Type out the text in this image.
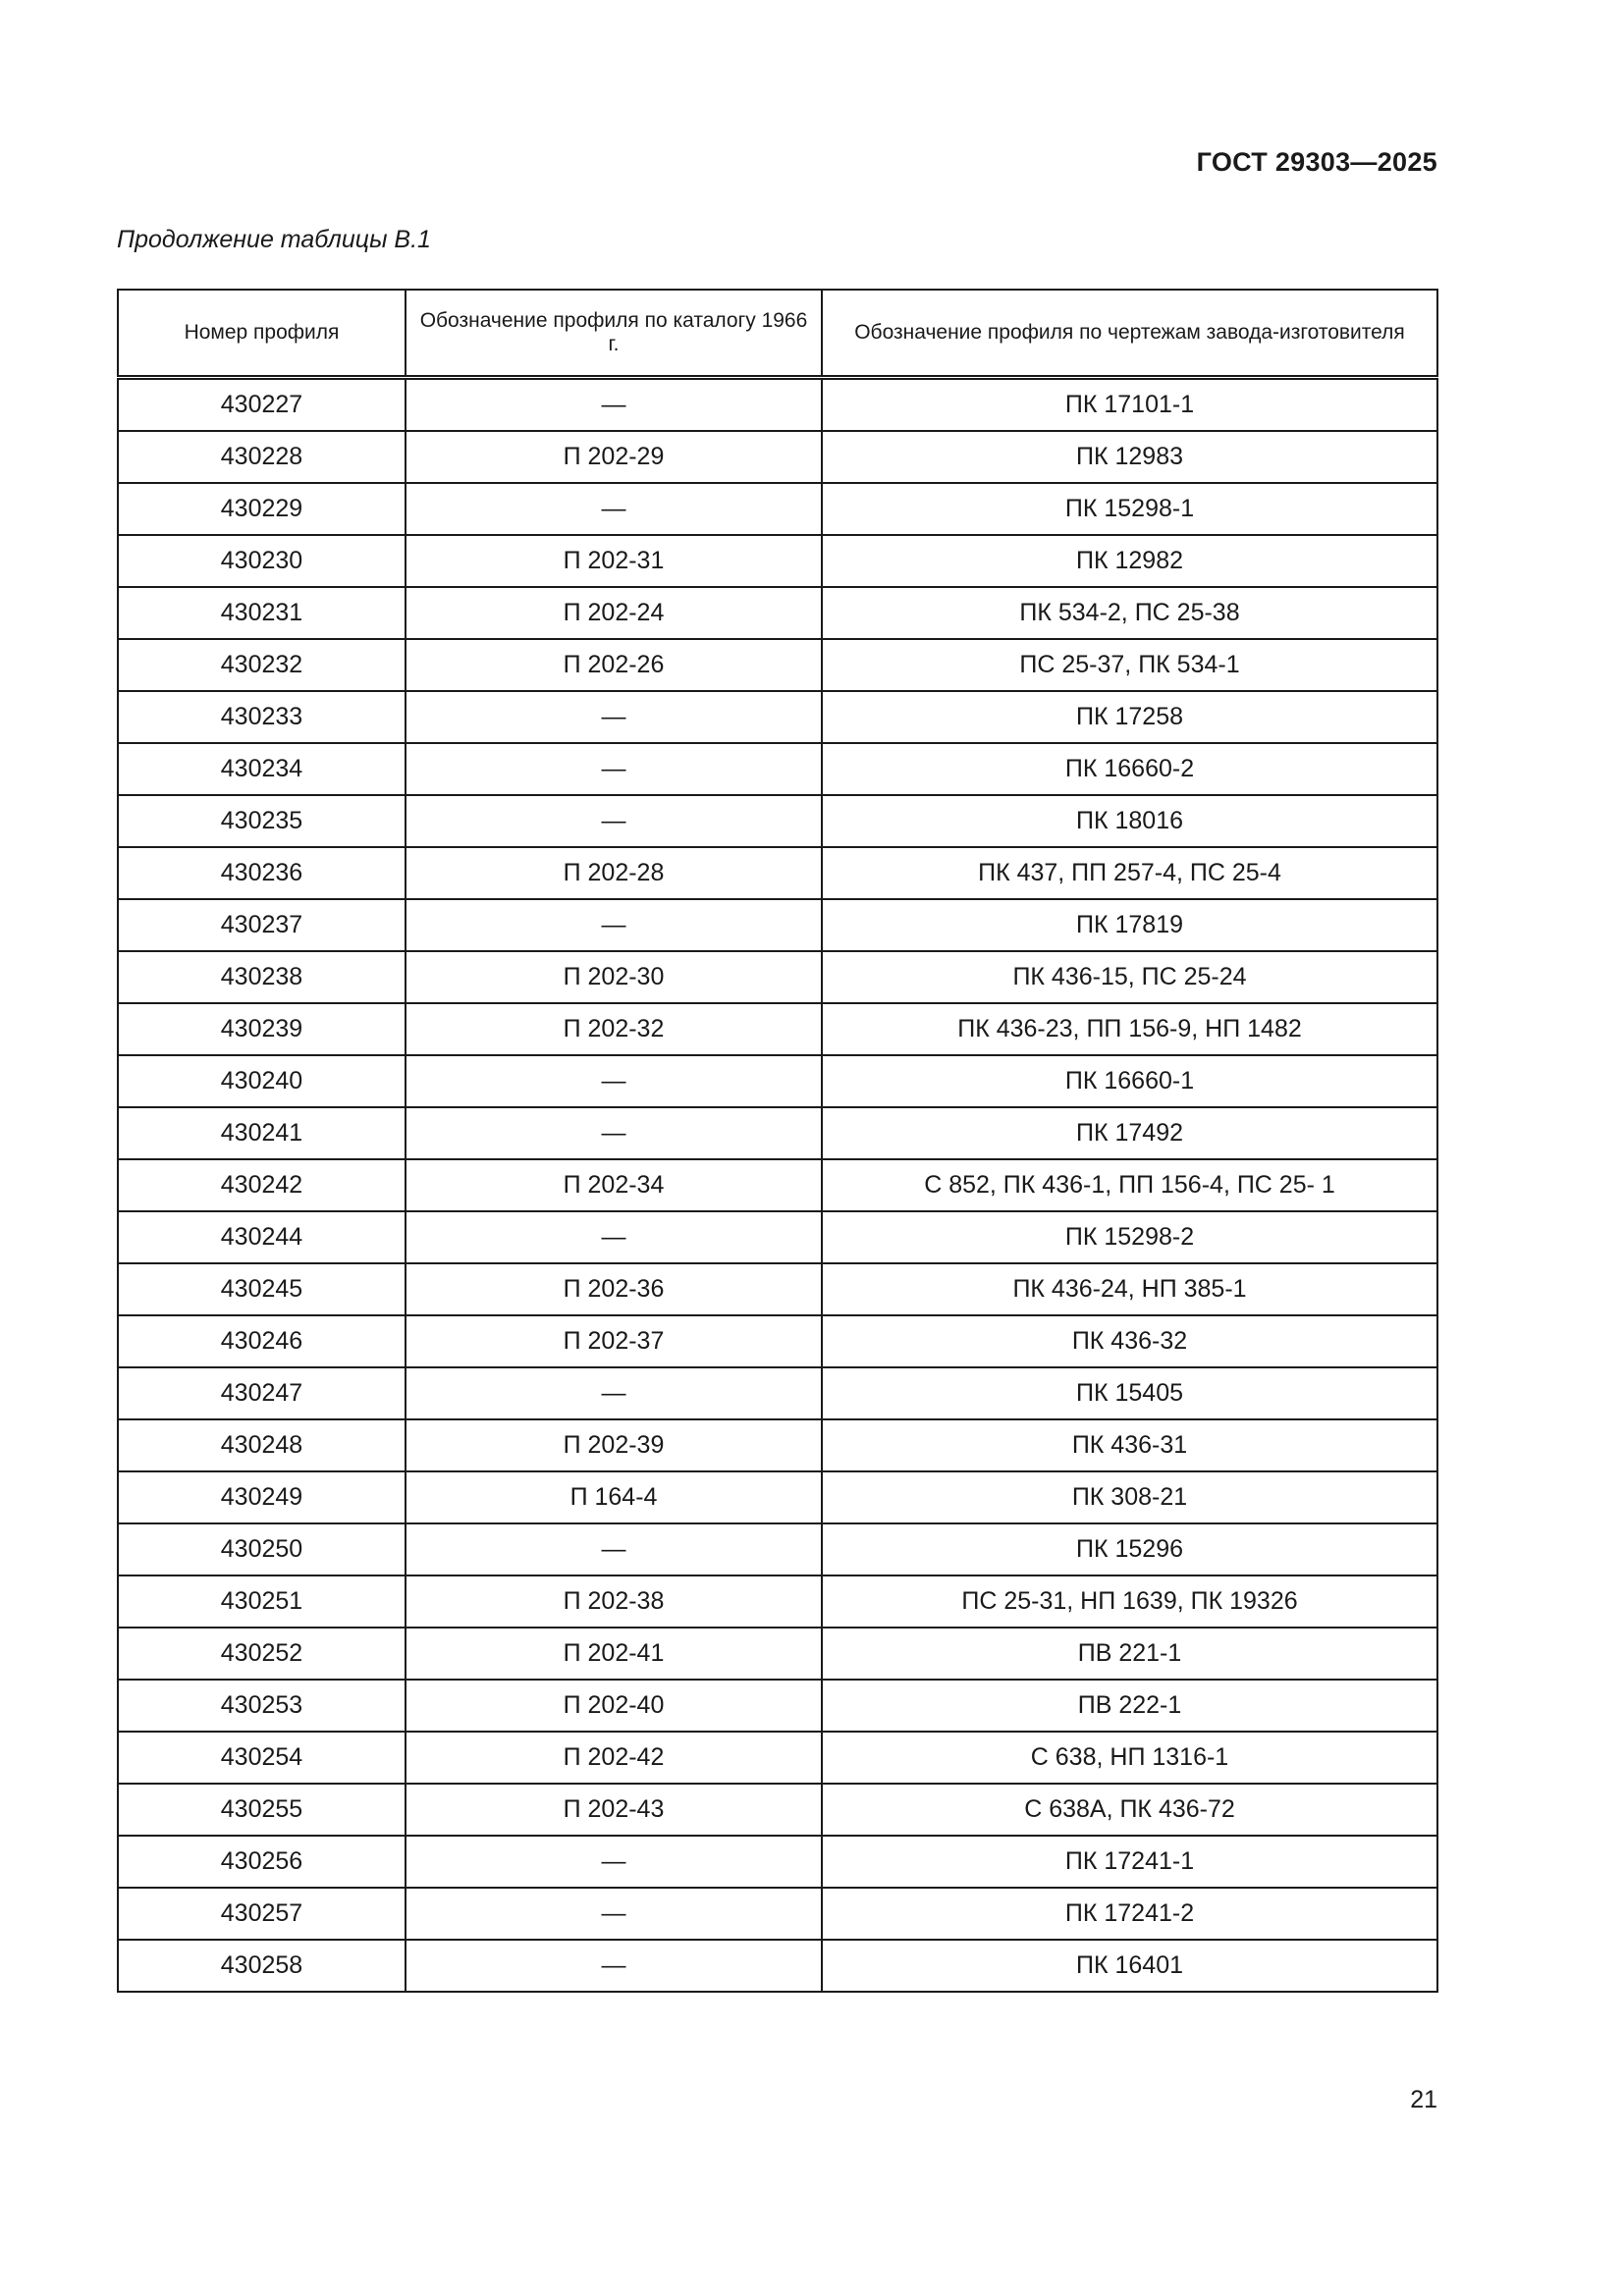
ГОСТ 29303—2025
Продолжение таблицы В.1
Номер профиля	Обозначение профиля по каталогу 1966 г.	Обозначение профиля по чертежам завода-изготовителя
430227	—	ПК 17101-1
430228	П 202-29	ПК 12983
430229	—	ПК 15298-1
430230	П 202-31	ПК 12982
430231	П 202-24	ПК 534-2, ПС 25-38
430232	П 202-26	ПС 25-37, ПК 534-1
430233	—	ПК 17258
430234	—	ПК 16660-2
430235	—	ПК 18016
430236	П 202-28	ПК 437, ПП 257-4, ПС 25-4
430237	—	ПК 17819
430238	П 202-30	ПК 436-15, ПС 25-24
430239	П 202-32	ПК 436-23, ПП 156-9, НП 1482
430240	—	ПК 16660-1
430241	—	ПК 17492
430242	П 202-34	С 852, ПК 436-1, ПП 156-4, ПС 25- 1
430244	—	ПК 15298-2
430245	П 202-36	ПК 436-24, НП 385-1
430246	П 202-37	ПК 436-32
430247	—	ПК 15405
430248	П 202-39	ПК 436-31
430249	П 164-4	ПК 308-21
430250	—	ПК 15296
430251	П 202-38	ПС 25-31, НП 1639, ПК 19326
430252	П 202-41	ПВ 221-1
430253	П 202-40	ПВ 222-1
430254	П 202-42	С 638, НП 1316-1
430255	П 202-43	С 638А, ПК 436-72
430256	—	ПК 17241-1
430257	—	ПК 17241-2
430258	—	ПК 16401
21
